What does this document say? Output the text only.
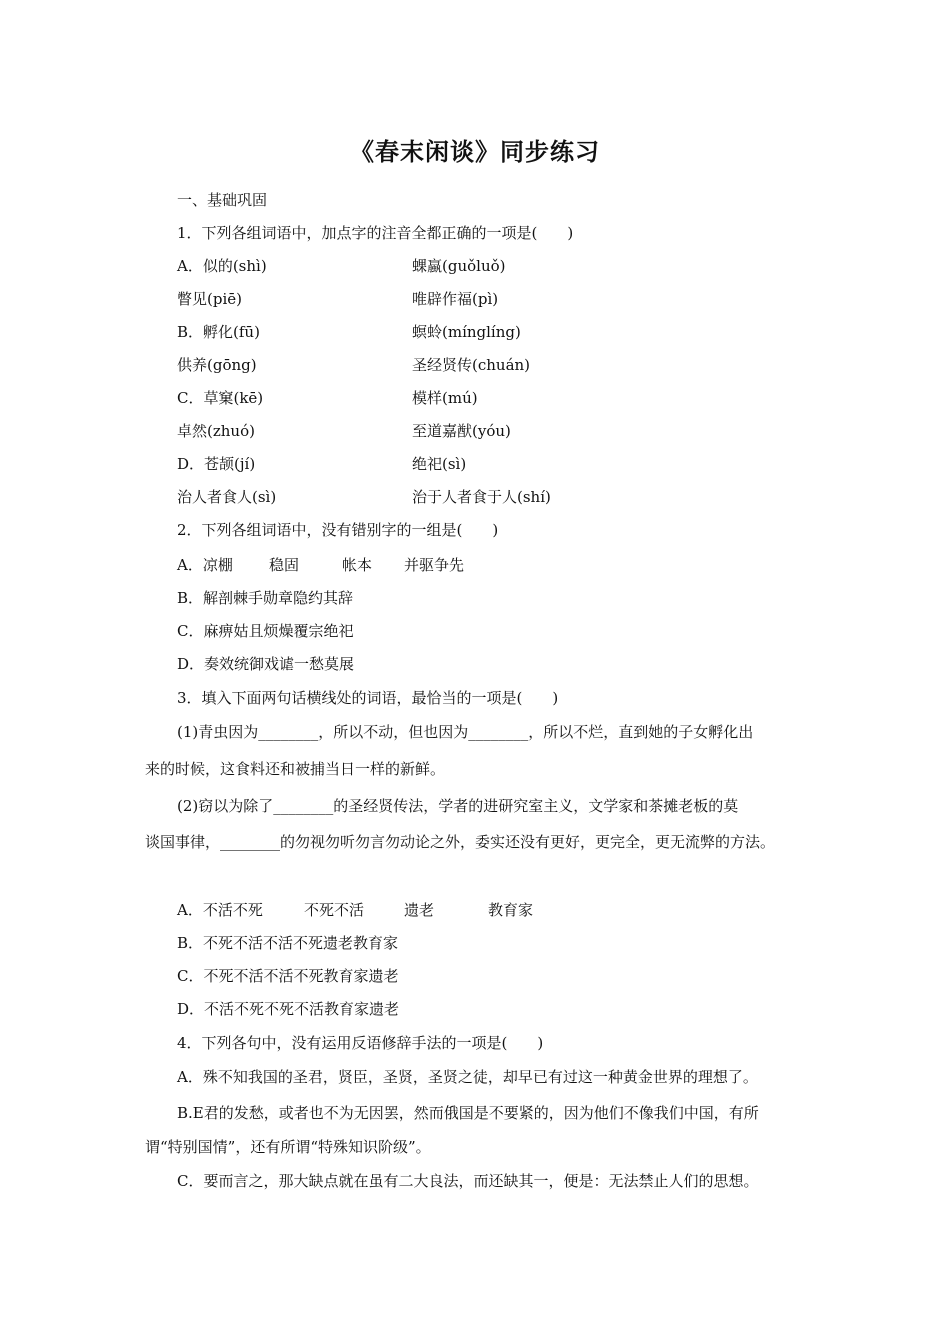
《春末闲谈》同步练习
一、基础巩固
1．下列各组词语中，加点字的注音全都正确的一项是(　　)
A．似的(shì)	蜾蠃(guǒluǒ)
瞥见(piē)	唯辟作福(pì)
B．孵化(fū)	螟蛉(mínglíng)
供养(gōng)	圣经贤传(chuán)
C．草窠(kē)	模样(mú)
卓然(zhuó)	至道嘉猷(yóu)
D．苍颉(jí)	绝祀(sì)
治人者食人(sì)	治于人者食于人(shí)
2．下列各组词语中，没有错别字的一组是(　　)
A．凉棚 稳固	帐本 并驱争先
B．解剖棘手勋章隐约其辞
C．麻痹姑且烦燥覆宗绝祀
D．奏效统御戏谑一愁莫展
3．填入下面两句话横线处的词语，最恰当的一项是(　　)
(1)青虫因为________，所以不动，但也因为________，所以不烂，直到她的子女孵化出
来的时候，这食料还和被捕当日一样的新鲜。
(2)窃以为除了________的圣经贤传法，学者的进研究室主义，文学家和茶摊老板的莫
谈国事律，________的勿视勿听勿言勿动论之外，委实还没有更好，更完全，更无流弊的方法。
A．不活不死	不死不活	遗老	教育家
B．不死不活不活不死遗老教育家
C．不死不活不活不死教育家遗老
D．不活不死不死不活教育家遗老
4．下列各句中，没有运用反语修辞手法的一项是(　　)
A．殊不知我国的圣君，贤臣，圣贤，圣贤之徒，却早已有过这一种黄金世界的理想了。
B.E君的发愁，或者也不为无因罢，然而俄国是不要紧的，因为他们不像我们中国，有所
谓“特别国情”，还有所谓“特殊知识阶级”。
C．要而言之，那大缺点就在虽有二大良法，而还缺其一，便是：无法禁止人们的思想。
